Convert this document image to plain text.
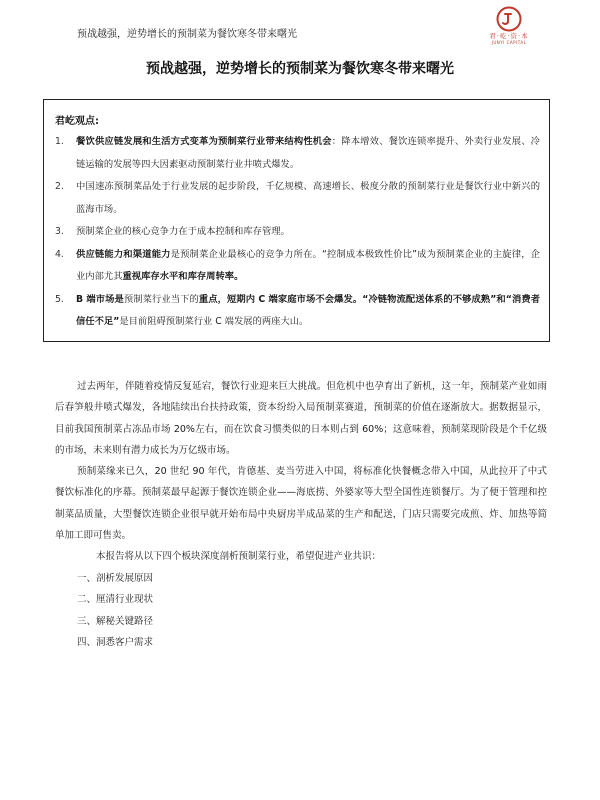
预战越强，逆势增长的预制菜为餐饮寒冬带来曙光	君·屹·资·本
JUNYI CAPITAL
预战越强，逆势增长的预制菜为餐饮寒冬带来曙光
君屹观点:
1.	餐饮供应链发展和生活方式变革为预制菜行业带来结构性机会：降本增效、餐饮连锁率提升、外卖行业发展、冷链运输的发展等四大因素驱动预制菜行业井喷式爆发。
2.	中国速冻预制菜品处于行业发展的起步阶段，千亿规模、高速增长、极度分散的预制菜行业是餐饮行业中新兴的蓝海市场。
3.	预制菜企业的核心竞争力在于成本控制和库存管理。
4.	供应链能力和渠道能力是预制菜企业最核心的竞争力所在。“控制成本极致性价比”成为预制菜企业的主旋律，企业内部尤其重视库存水平和库存周转率。
5.	B 端市场是预制菜行业当下的重点，短期内 C 端家庭市场不会爆发。“冷链物流配送体系的不够成熟”和“消费者信任不足”是目前阻碍预制菜行业 C 端发展的两座大山。

过去两年，伴随着疫情反复延宕，餐饮行业迎来巨大挑战。但危机中也孕育出了新机，这一年，预制菜产业如雨后春笋般井喷式爆发，各地陆续出台扶持政策，资本纷纷入局预制菜赛道，预制菜的价值在逐渐放大。据数据显示，目前我国预制菜占冻品市场 20%左右，而在饮食习惯类似的日本则占到 60%；这意味着，预制菜现阶段是个千亿级的市场，未来则有潜力成长为万亿级市场。

预制菜缘来已久，20 世纪 90 年代，肯德基、麦当劳进入中国，将标准化快餐概念带入中国，从此拉开了中式餐饮标准化的序幕。预制菜最早起源于餐饮连锁企业——海底捞、外婆家等大型全国性连锁餐厅。为了便于管理和控制菜品质量，大型餐饮连锁企业很早就开始布局中央厨房半成品菜的生产和配送，门店只需要完成煎、炸、加热等简单加工即可售卖。

本报告将从以下四个板块深度剖析预制菜行业，希望促进产业共识：

一、剖析发展原因
二、厘清行业现状
三、解秘关键路径
四、洞悉客户需求
